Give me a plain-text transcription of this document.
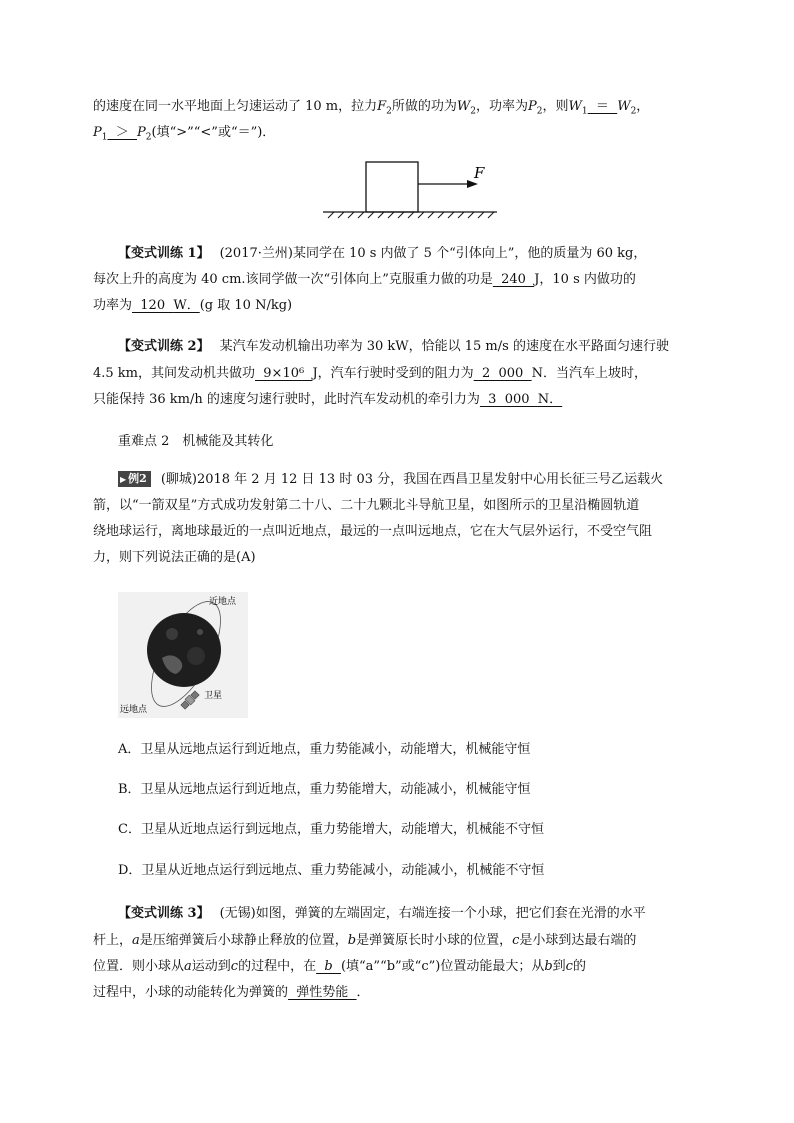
的速度在同一水平地面上匀速运动了 10 m，拉力$F_2$所做的功为$W_2$，功率为$P_2$，则$W_1 = W_2$，
$P_1 > P_2$(填“>”“<”或“＝”)．
F
【变式训练 1】 (2017·兰州)某同学在 10 s 内做了 5 个“引体向上”，他的质量为 60 kg，
每次上升的高度为 40 cm.该同学做一次“引体向上”克服重力做的功是  240  J，10 s 内做功的
功率为  120  W．(g 取 10 N/kg)
【变式训练 2】 某汽车发动机输出功率为 30 kW，恰能以 15 m/s 的速度在水平路面匀速行驶
4.5 km，其间发动机共做功  9×10⁶  J，汽车行驶时受到的阻力为  2  000  N．当汽车上坡时，
只能保持 36 km/h 的速度匀速行驶时，此时汽车发动机的牵引力为  3  000  N．
重难点 2　机械能及其转化
▶ 例2 (聊城)2018 年 2 月 12 日 13 时 03 分，我国在西昌卫星发射中心用长征三号乙运载火
箭，以“一箭双星”方式成功发射第二十八、二十九颗北斗导航卫星，如图所示的卫星沿椭圆轨道
绕地球运行，离地球最近的一点叫近地点，最远的一点叫远地点，它在大气层外运行，不受空气阻
力，则下列说法正确的是(A)
近地点
远地点
卫星
A．卫星从远地点运行到近地点，重力势能减小，动能增大，机械能守恒
B．卫星从远地点运行到近地点，重力势能增大，动能减小，机械能守恒
C．卫星从近地点运行到远地点，重力势能增大，动能增大，机械能不守恒
D．卫星从近地点运行到远地点、重力势能减小，动能减小，机械能不守恒
【变式训练 3】 (无锡)如图，弹簧的左端固定，右端连接一个小球，把它们套在光滑的水平
杆上，a是压缩弹簧后小球静止释放的位置，b是弹簧原长时小球的位置，c是小球到达最右端的
位置．则小球从a运动到c的过程中，在  b  (填“a”“b”或“c”)位置动能最大；从b到c的
过程中，小球的动能转化为弹簧的  弹性势能  ．
